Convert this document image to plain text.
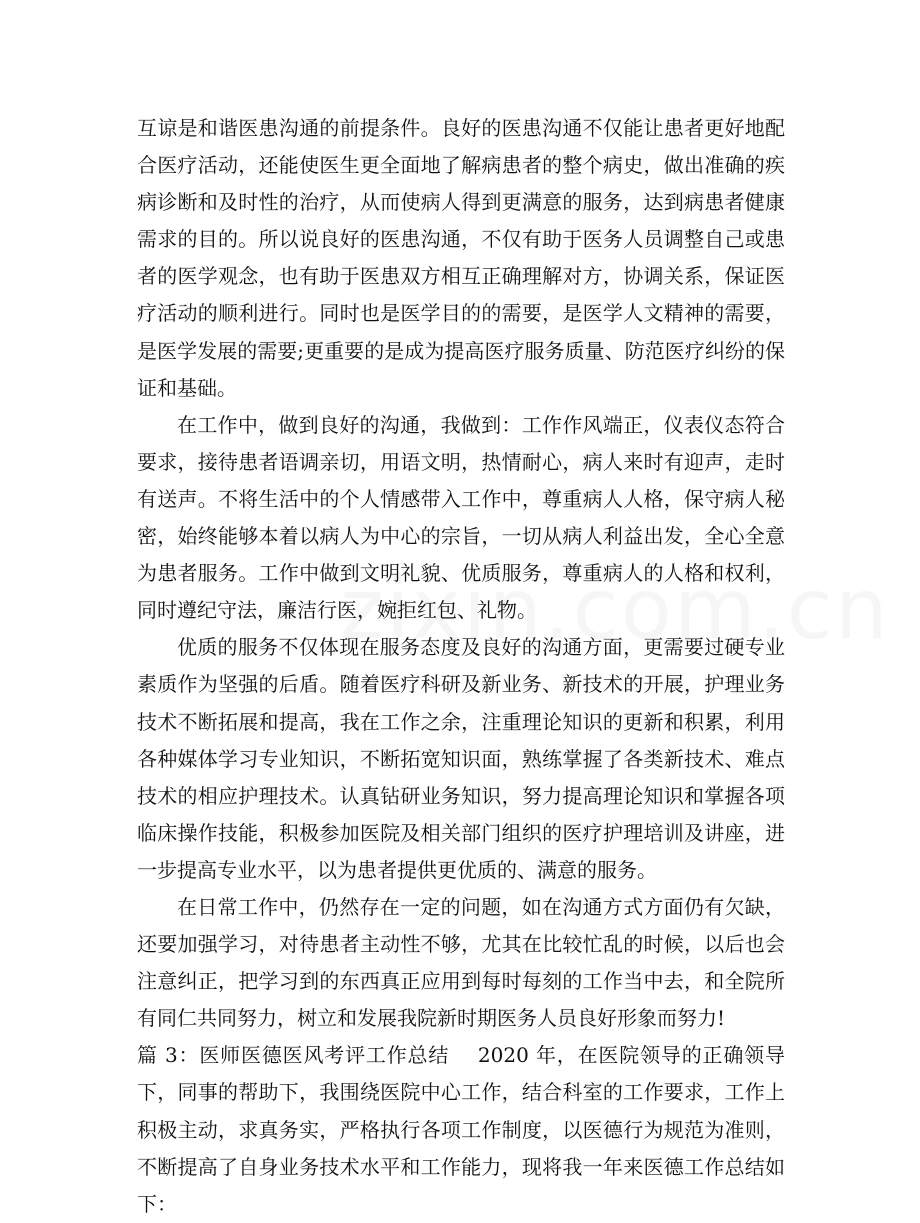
互谅是和谐医患沟通的前提条件。良好的医患沟通不仅能让患者更好地配合医疗活动，还能使医生更全面地了解病患者的整个病史，做出准确的疾病诊断和及时性的治疗，从而使病人得到更满意的服务，达到病患者健康需求的目的。所以说良好的医患沟通，不仅有助于医务人员调整自己或患者的医学观念，也有助于医患双方相互正确理解对方，协调关系，保证医疗活动的顺利进行。同时也是医学目的的需要，是医学人文精神的需要，是医学发展的需要;更重要的是成为提高医疗服务质量、防范医疗纠纷的保证和基础。

在工作中，做到良好的沟通，我做到：工作作风端正，仪表仪态符合要求，接待患者语调亲切，用语文明，热情耐心，病人来时有迎声，走时有送声。不将生活中的个人情感带入工作中，尊重病人人格，保守病人秘密，始终能够本着以病人为中心的宗旨，一切从病人利益出发，全心全意为患者服务。工作中做到文明礼貌、优质服务，尊重病人的人格和权利，同时遵纪守法，廉洁行医，婉拒红包、礼物。

优质的服务不仅体现在服务态度及良好的沟通方面，更需要过硬专业素质作为坚强的后盾。随着医疗科研及新业务、新技术的开展，护理业务技术不断拓展和提高，我在工作之余，注重理论知识的更新和积累，利用各种媒体学习专业知识，不断拓宽知识面，熟练掌握了各类新技术、难点技术的相应护理技术。认真钻研业务知识，努力提高理论知识和掌握各项临床操作技能，积极参加医院及相关部门组织的医疗护理培训及讲座，进一步提高专业水平，以为患者提供更优质的、满意的服务。

在日常工作中，仍然存在一定的问题，如在沟通方式方面仍有欠缺，还要加强学习，对待患者主动性不够，尤其在比较忙乱的时候，以后也会注意纠正，把学习到的东西真正应用到每时每刻的工作当中去，和全院所有同仁共同努力，树立和发展我院新时期医务人员良好形象而努力!

篇 3：医师医德医风考评工作总结 2020 年，在医院领导的正确领导下，同事的帮助下，我围绕医院中心工作，结合科室的工作要求，工作上积极主动，求真务实，严格执行各项工作制度，以医德行为规范为准则，不断提高了自身业务技术水平和工作能力，现将我一年来医德工作总结如下：
